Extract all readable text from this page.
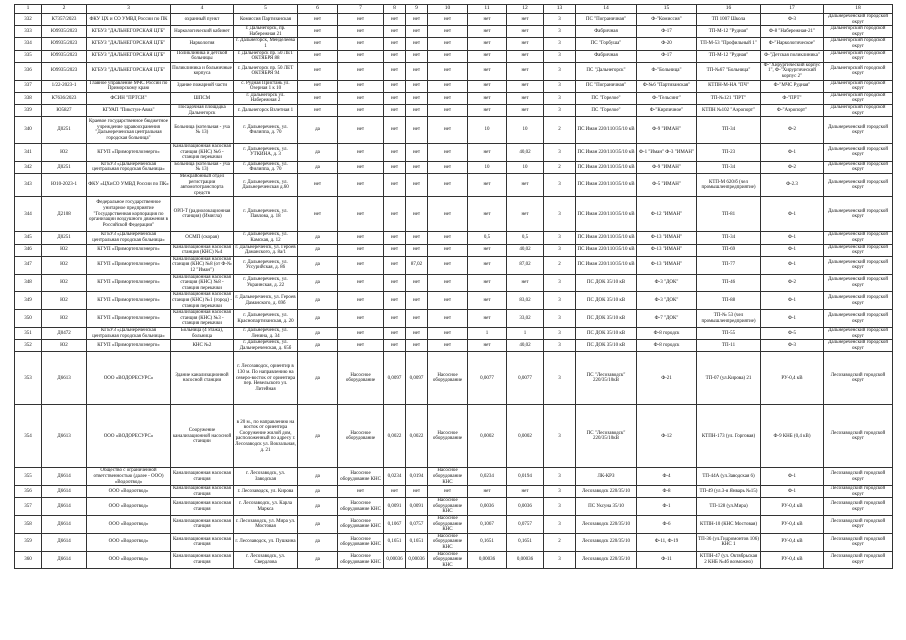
1	2	3	4	5	6	7	8	9	10	11	12	13	14	15	16	17	18
332	К7357/2023	ФКУ ЦХ и СО УМВД России по ПК	охранный пункт	Комиссия Партизанская	нет	нет	нет	нет	нет	нет	нет	3	ПС "Пограничная"	Ф-"Комиссия"	ТП 1007 Школа	Ф-3	Дальнереченский городской округ
333	Ю9935/2023	КГБУЗ "ДАЛЬНЕГОРСКАЯ ЦГБ"	Наркологический кабинет	г. Дальнегорск, пр. Набережная 21	нет	нет	нет	нет	нет	нет	нет	3	Фабричная	Ф-17	ТП-М-12 "Рудная"	Ф-8 "Набережная-21"	Дальнегорский городской округ
334	Ю9935/2023	КГБУЗ "ДАЛЬНЕГОРСКАЯ ЦГБ"	Наркология	г. Дальнегорск, Менделеева 1	нет	нет	нет	нет	нет	нет	нет	3	ПС "Горбуша"	Ф-20	ТП-М-53 "Профильный 1"	Ф-"Наркологическое"	Дальнегорский городской округ
335	Ю9935/2023	КГБУЗ "ДАЛЬНЕГОРСКАЯ ЦГБ"	Поликлиника и детской больницы	г. Дальнегорск пр. 50 ЛЕТ ОКТЯБРЯ 88	нет	нет	нет	нет	нет	нет	нет	3	Фабричная	Ф-17	ТП-М-12 "Рудная"	Ф-"Детская поликлиника"	Дальнегорский городской округ
336	Ю9935/2023	КГБУЗ "ДАЛЬНЕГОРСКАЯ ЦГБ"	Поликлиника и больничные корпуса	г. Дальнегорск пр. 50 ЛЕТ ОКТЯБРЯ 94	нет	нет	нет	нет	нет	нет	нет	3	ПС "Дальнегорск"	Ф-"Больница"	ТП-№67 "Больница"	Ф-"Хирургический корпус 1", Ф-"Хирургический корпус 2"	Дальнегорский городской округ
337	1/22-2023-1	Главное управление МЧС России по Приморскому краю	Здание пожарной части	с. Рудная Пристань ул. Озерная 1 к 10	нет	нет	нет	нет	нет	нет	нет	3	ПС "Пограничная"	Ф-№6 "Партизанская"	КТПН-М-НА "ПЧ"	Ф-"МЧС Рудная"	Дальнегорский городской округ
338	К7636/2023	ФСИН "ПРТСИ"	ШПСМ	г. Дальнегорск ул. Набережная 2	нет	нет	нет	нет	нет	нет	нет	3	ПС "Горелое"	Ф-"Гельсинг"	ТП-№121 "ПРТ"	Ф-"ПРТ"	Дальнегорский городской округ
339	Ю5827	КГУАП "Пикстун-Авиа"	Посадочная площадка Дальнегорск	г. Дальнегорск Взлетная 1	нет	нет	нет	нет	нет	нет	нет	3	ПС "Горелое"	Ф-"Кирпичное"	КТПН №102 "Аэропорт"	Ф-"Аэропорт"	Дальнегорский городской округ
340	Д0251	Краевое государственное бюджетное учреждение здравоохранения "Дальнереченская центральная городская больница"	Больница (котельная - уча № 13)	г. Дальнереченск, ул. Филиппа, д. 70	да	нет	нет	нет	нет	10	10	2	ПС Иман 220/110/35/10 кВ	Ф-9 "ИМАН"	ТП-34	Ф-2	Дальнереченский городской округ
341	Ю2	КГУП «Примортеплоэнерго»	Канализационная насосная станция (КНС) №6 - станция перекачки	г. Дальнереченск, ул. УТКИНА, д. 3	да	нет	нет	нет	нет	нет	40,02	3	ПС Иман 220/110/35/10 кВ	Ф-1 "Иман" Ф-3 "ИМАН"	ТП-23	Ф-1	Дальнереченский городской округ
342	Д0251	КГБУЗ «Дальнереченская центральная городская больница»	Больница (котельная - уча № 13)	г. Дальнереченск, ул. Филиппа, д. 70	да	нет	нет	нет	нет	10	10	2	ПС Иман 220/110/35/10 кВ	Ф-9 "ИМАН"	ТП-34	Ф-2	Дальнереченский городской округ
343	Ю10-2023-1	ФКУ «ЦХиСО УМВД России по ПК»	Межрайонный отдел регистрации автомототранспорта средств	г. Дальнереченск, ул. Дальнереченская д.60	нет	нет	нет	нет	нет	нет	нет	3	ПС Иман 220/110/35/10 кВ	Ф-5 "ИМАН"	КТП-М 620/б (чел промышленпредприятие)	Ф-2.3	Дальнереченский городской округ
344	Д2108	Федеральное государственное унитарное предприятие "Государственная корпорация по организации воздушного движения в Российской Федерации"	ОРЛ-Т (радиолокационная станция) (Имигла)	г. Дальнереченск, ул. Павлова, д. 18	нет	нет	нет	нет	нет	нет	нет	3	ПС Иман 220/110/35/10 кВ	Ф-12 "ИМАН"	ТП-81	Ф-1	Дальнереченский городской округ
345	Д0251	КГБУЗ «Дальнереченская центральная городская больница»	ОСМП (скорая)	г. Дальнереченск, ул. Камская, д. 12	да	нет	нет	нет	нет	0,5	0,5	3	ПС Иман 220/110/35/10 кВ	Ф-13 "ИМАН"	ТП-34	Ф-1	Дальнереченский городской округ
346	Ю2	КГУП «Примортеплоэнерго»	Канализационная насосная станция (КНС) №4	г. Дальнереченск, ул. Героев Даманского, д. 8а/1	да	нет	нет	нет	нет	нет	40,02	3	ПС Иман 220/110/35/10 кВ	Ф-13 "ИМАН"	ТП-69	Ф-1	Дальнереченский городской округ
347	Ю2	КГУП «Примортеплоэнерго»	Канализационная насосная станция (КНС) №8 (от Ф-№ 12 "Иман")	г. Дальнереченск, ул. Уссурийская, д. 86	да	нет	нет	87,02	нет	нет	87,02	2	ПС Иман 220/110/35/10 кВ	Ф-13 "ИМАН"	ТП-77	Ф-1	Дальнереченский городской округ
348	Ю2	КГУП «Примортеплоэнерго»	Канализационная насосная станция (КНС) №8 - станция перекачки	г. Дальнереченск, ул. Украинская, д. 22	да	нет	нет	нет	нет	нет	нет	3	ПС ДОК 35/10 кВ	Ф-3 "ДОК"	ТП-46	Ф-2	Дальнереченский городской округ
349	Ю2	КГУП «Примортеплоэнерго»	Канализационная насосная станция (КНС) №1 (город) - станция перекачки	г. Дальнереченск, ул. Героев Даманского, д. 69б	да	нет	нет	нет	нет	нет	83,02	3	ПС ДОК 35/10 кВ	Ф-3 "ДОК"	ТП-88	Ф-1	Дальнереченский городской округ
350	Ю2	КГУП «Примортеплоэнерго»	Канализационная насосная станция (КНС) №3 - станция перекачки	г. Дальнереченск, ул. Краснопартизанская, д. 20	да	нет	нет	нет	нет	нет	33,02	3	ПС ДОК 35/10 кВ	Ф-7 "ДОК"	ТП-№ 53 (чел промышленпредприятие)	Ф-1	Дальнереченский городской округ
351	Д0472	КГБУЗ «Дальнереченская центральная городская больница»	Больница (4 этажа), больница	г. Дальнереченск, ул. Ленина, д. 34	да	нет	нет	нет	нет	1	1	3	ПС ДОК 35/10 кВ	Ф-8 городск	ТП-55	Ф-5	Дальнереченский городской округ
352	Ю2	КГУП «Примортеплоэнерго»	КНС №2	г. Дальнереченск, ул. Дальнереченская, д. 65б	да	нет	нет	нет	нет	нет	40,02	3	ПС ДОК 35/10 кВ	Ф-8 городск	ТП-11	Ф-3	Дальнереченский городской округ
353	Д6613	ООО «ВОДОРЕСУРС»	Здание канализационной насосной станции	г. Лесозаводск, ориентир в 130 м. По направлению на северо-восток от ориентира пер. Невельского ул. Литейная	да	Насосное оборудование	0,0097	0,0097	Насосное оборудование	0,0077	0,0077	3	ПС "Лесозаводск" 220/35/10кВ	Ф-21	ТП-07 (ул.Кирова) 21	РУ-0,4 кВ	Лесозаводский городской округ
354	Д6613	ООО «ВОДОРЕСУРС»	Сооружение канализационной насосной станции	в 20 м., по направлению на восток от ориентира Сооружение жилой дом, расположенный по адресу г. Лесозаводск ул. Вокзальная, д. 21	да	Насосное оборудование	0,0022	0,0022	Насосное оборудование	0,0002	0,0002	3	ПС "Лесозаводск" 220/35/10кВ	Ф-12	КТПН-173 (ул. Горговая)	Ф-9 КНБ (0,4 кВ)	Лесозаводский городской округ
355	Д6614	Общество с ограниченной ответственностью (далее - ООО) «Водоотвод»	Канализационная насосная станция	г. Лесозаводск, ул. Заводская	да	Насосное оборудование КНС	0,0234	0,0194	Насосное оборудование КНС	0,0234	0,0194	3	ЛК-КРЗ	Ф-4	ТП-44А (ул.Заводская 6)	Ф-1	Лесозаводский городской округ
356	Д6614	ООО «Водоотвод»	Канализационная насосная станция	г. Лесозаводск, ул. Кирова	да	нет	нет	нет	нет	нет	нет	3	Лесозаводск 220/35/10	Ф-8	ТП-49 (ул.3-я Январь №15)	Ф-1	Лесозаводский городской округ
357	Д6614	ООО «Водоотвод»	Канализационная насосная станция	г. Лесозаводск, ул. Карла Маркса	да	Насосное оборудование КНС	0,0091	0,0091	Насосное оборудование КНС	0,0036	0,0036	3	ПС Уксуна 35/10	Ф-1	ТП-128 (ул.Мира)	РУ-0,4 кВ	Лесозаводский городской округ
358	Д6614	ООО «Водоотвод»	Канализационная насосная станция	г. Лесозаводск, ул. Мира ул. Мостовая	да	Насосное оборудование КНС	0,1067	0,0757	Насосное оборудование КНС	0,1067	0,0757	3	Лесозаводск 220/35/10	Ф-6	КТПН-10 (КНС Мостовая)	РУ-0,4 кВ	Лесозаводский городской округ
359	Д6614	ООО «Водоотвод»	Канализационная насосная станция	г. Лесозаводск, ул. Пушкина	да	Насосное оборудование КНС	0,1651	0,1651	Насосное оборудование КНС	0,1651	0,1651	2	Лесозаводск 220/35/10	Ф-11, Ф-19	ТП-36 (ул.Гидромонтов 106) КНС 1	РУ-0,4 кВ	Лесозаводский городской округ
360	Д6614	ООО «Водоотвод»	Канализационная насосная станция	г. Лесозаводск, ул. Свердлова	да	Насосное оборудование КНС	0,00036	0,00036	Насосное оборудование КНС	0,00036	0,00036	3	Лесозаводск 220/35/10	Ф-11	КТПН-47 (ул. Октябрьская 2 КНБ №4б возможно)	РУ-0,4 кВ	Лесозаводский городской округ
